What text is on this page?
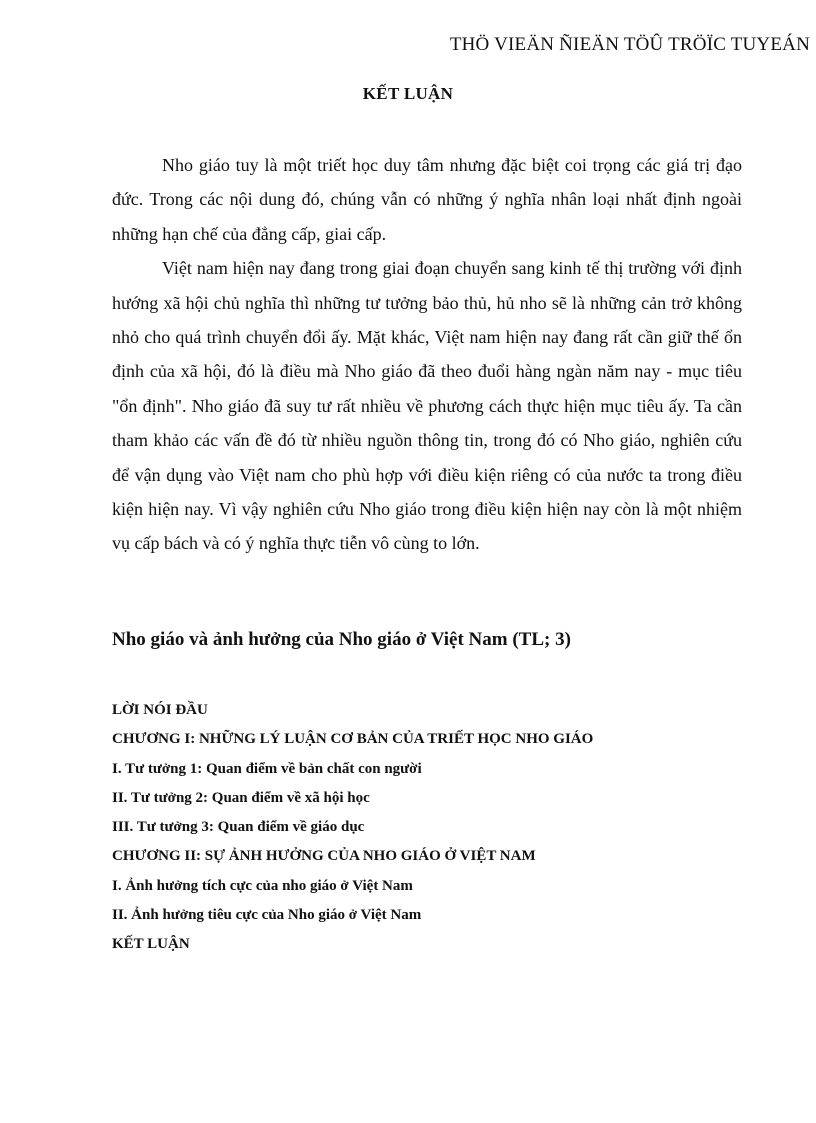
THÖ VIEÄN ÑIEÄN TÖÛ TRÖÏC TUYEÁN
KẾT LUẬN

Nho giáo tuy là một triết học duy tâm nhưng đặc biệt coi trọng các giá trị đạo đức. Trong các nội dung đó, chúng vẫn có những ý nghĩa nhân loại nhất định ngoài những hạn chế của đẳng cấp, giai cấp.

Việt nam hiện nay đang trong giai đoạn chuyển sang kinh tế thị trường với định hướng xã hội chủ nghĩa thì những tư tưởng bảo thủ, hủ nho sẽ là những cản trở không nhỏ cho quá trình chuyển đổi ấy. Mặt khác, Việt nam hiện nay đang rất cần giữ thế ổn định của xã hội, đó là điều mà Nho giáo đã theo đuổi hàng ngàn năm nay - mục tiêu "ổn định". Nho giáo đã suy tư rất nhiều về phương cách thực hiện mục tiêu ấy. Ta cần tham khảo các vấn đề đó từ nhiều nguồn thông tin, trong đó có Nho giáo, nghiên cứu để vận dụng vào Việt nam cho phù hợp với điều kiện riêng có của nước ta trong điều kiện hiện nay. Vì vậy nghiên cứu Nho giáo trong điều kiện hiện nay còn là một nhiệm vụ cấp bách và có ý nghĩa thực tiễn vô cùng to lớn.

Nho giáo và ảnh hưởng của Nho giáo ở Việt Nam (TL; 3)
LỜI NÓI ĐẦU
CHƯƠNG I: NHỮNG LÝ LUẬN CƠ BẢN CỦA TRIẾT HỌC NHO GIÁO
I. Tư tưởng 1: Quan điểm về bản chất con người
II. Tư tưởng 2: Quan điểm về xã hội học
III. Tư tưởng 3: Quan điểm về giáo dục
CHƯƠNG II: SỰ ẢNH HƯỞNG CỦA NHO GIÁO Ở VIỆT NAM
I. Ảnh hưởng tích cực của nho giáo ở Việt Nam
II. Ảnh hưởng tiêu cực của Nho giáo ở Việt Nam
KẾT LUẬN
